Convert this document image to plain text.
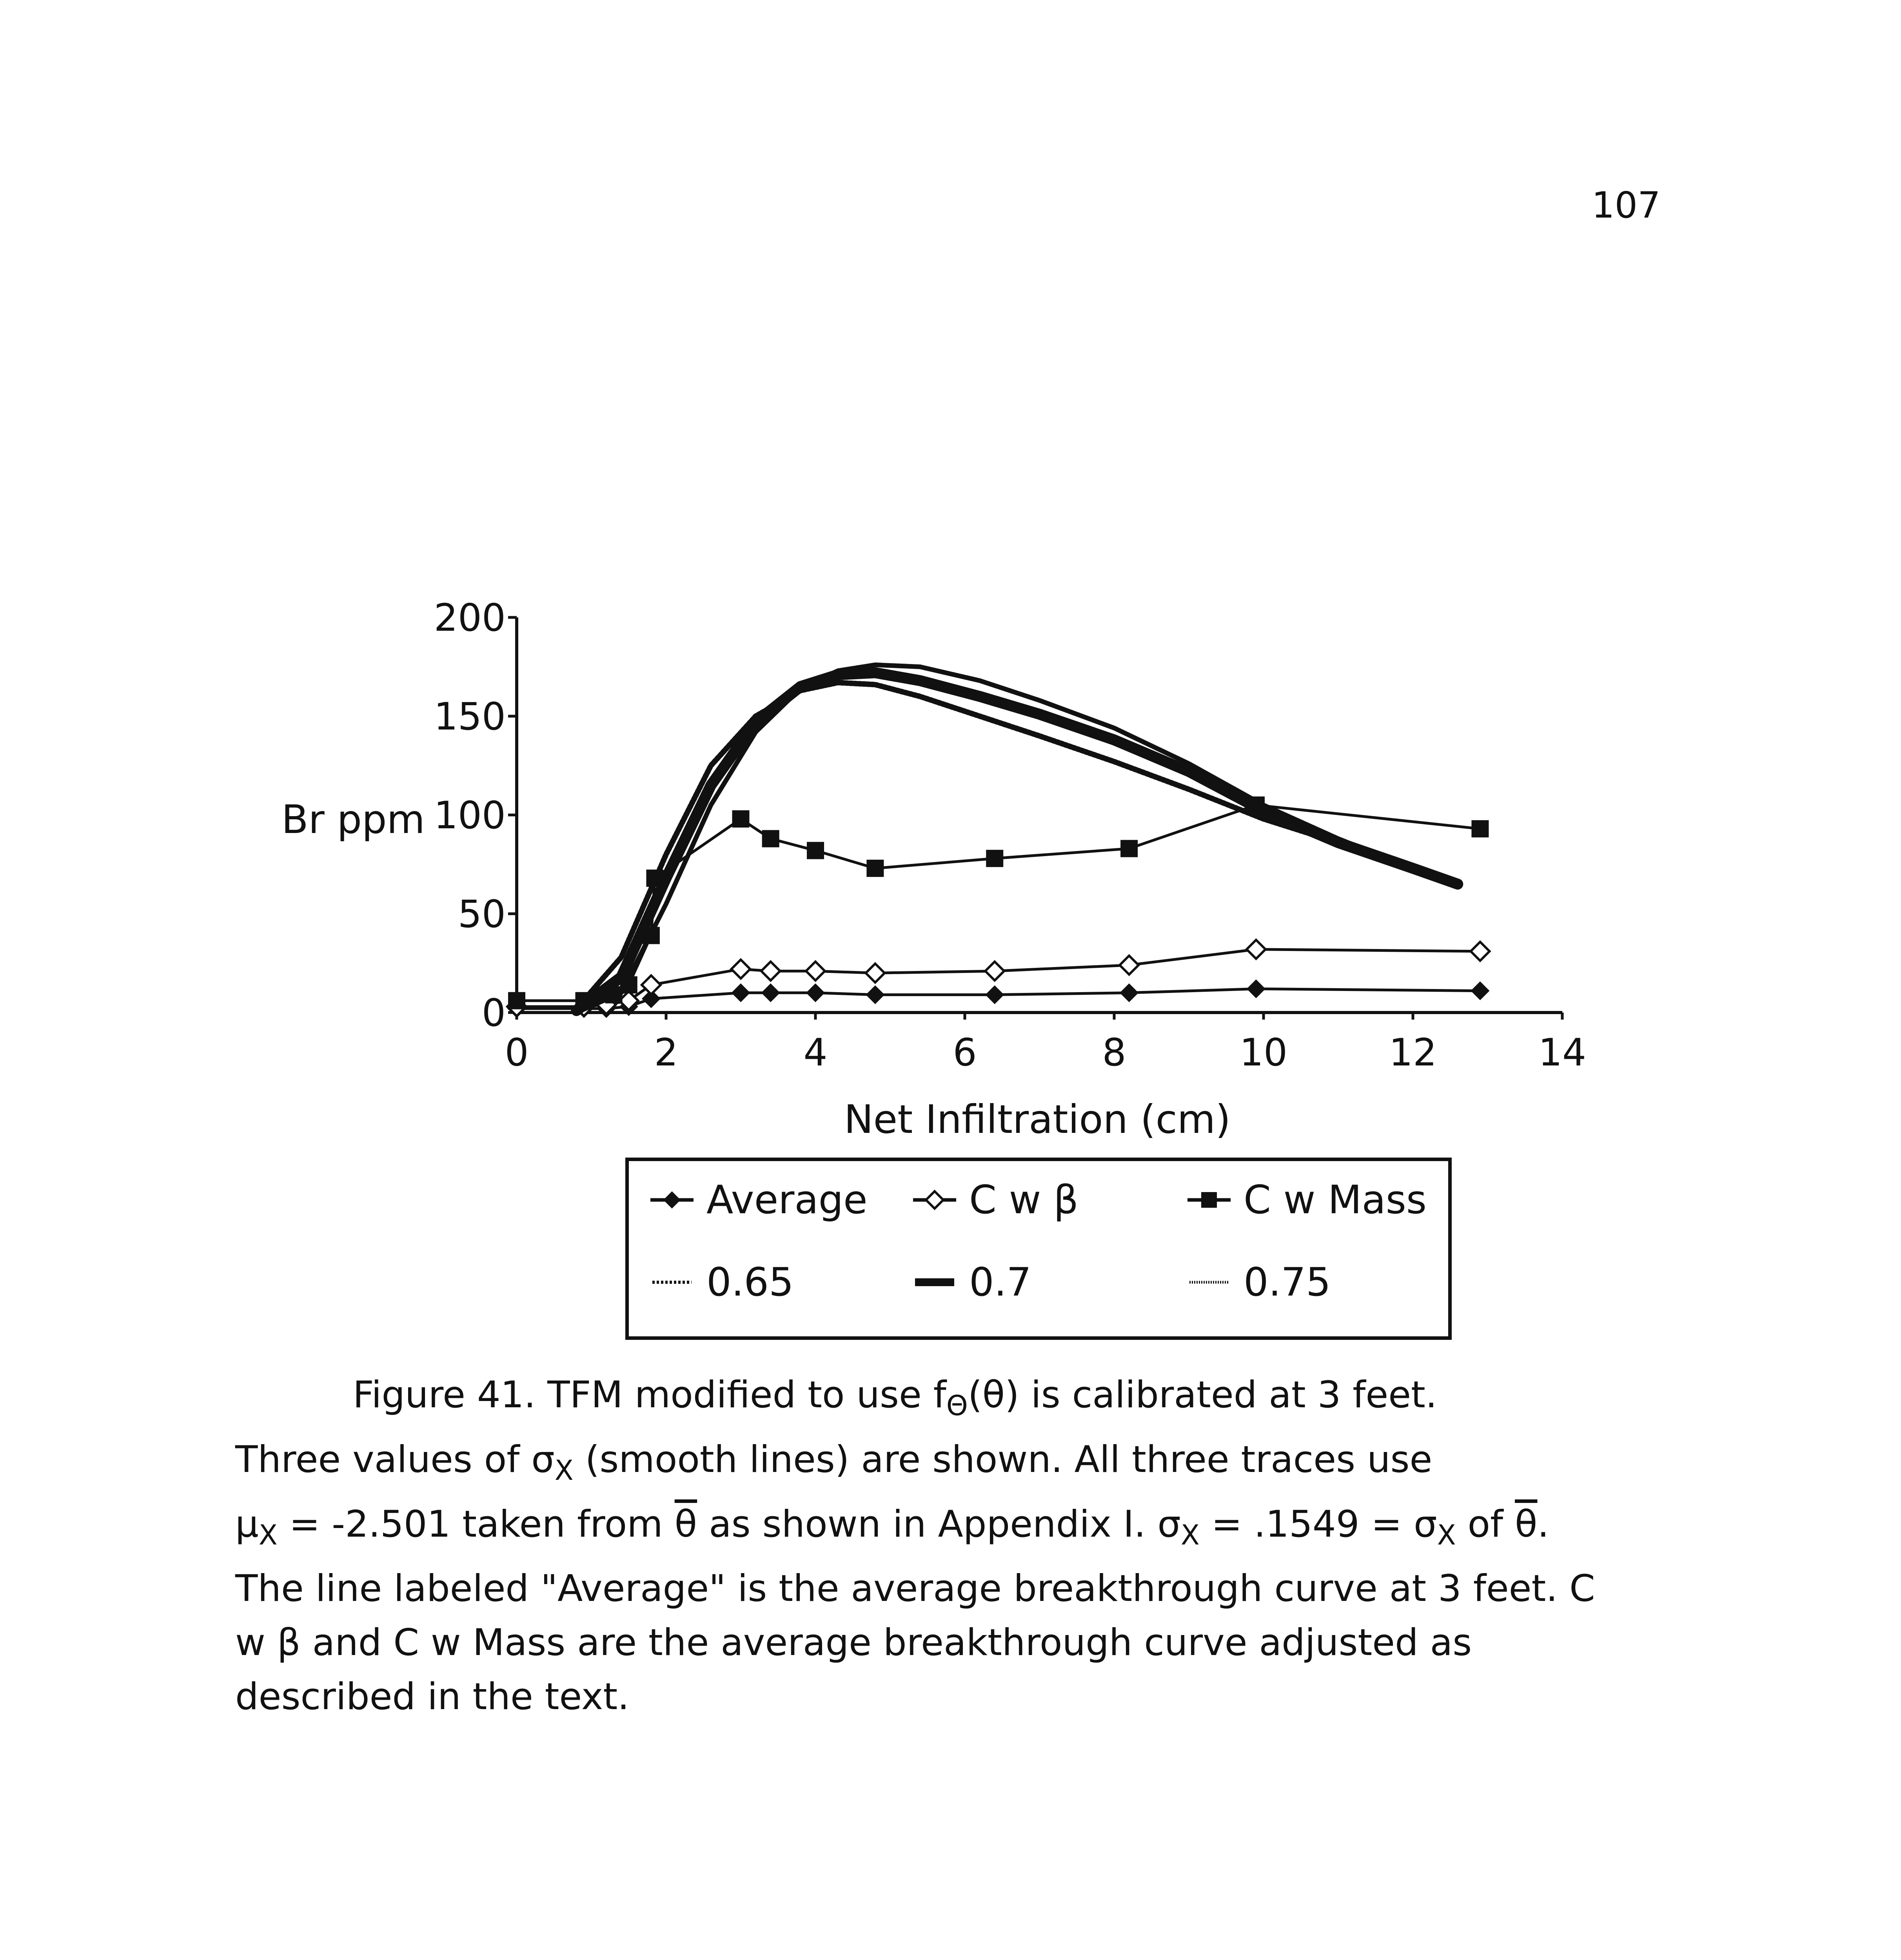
107
0	2	4	6	8	10	12	14
0
50
100
150
200
Br ppm
Net Infiltration (cm)
Average	C w β	C w Mass
0.65	0.7	0.75

Figure 41. TFM modified to use $f_\Theta(\theta)$ is calibrated at 3 feet.

Three values of $\sigma_X$ (smooth lines) are shown. All three traces use

$\mu_X = -2.501$ taken from $\overline{\theta}$ as shown in Appendix I. $\sigma_X = .1549 = \sigma_X$ of $\overline{\theta}$.

The line labeled "Average" is the average breakthrough curve at 3 feet. C

w β and C w Mass are the average breakthrough curve adjusted as

described in the text.
